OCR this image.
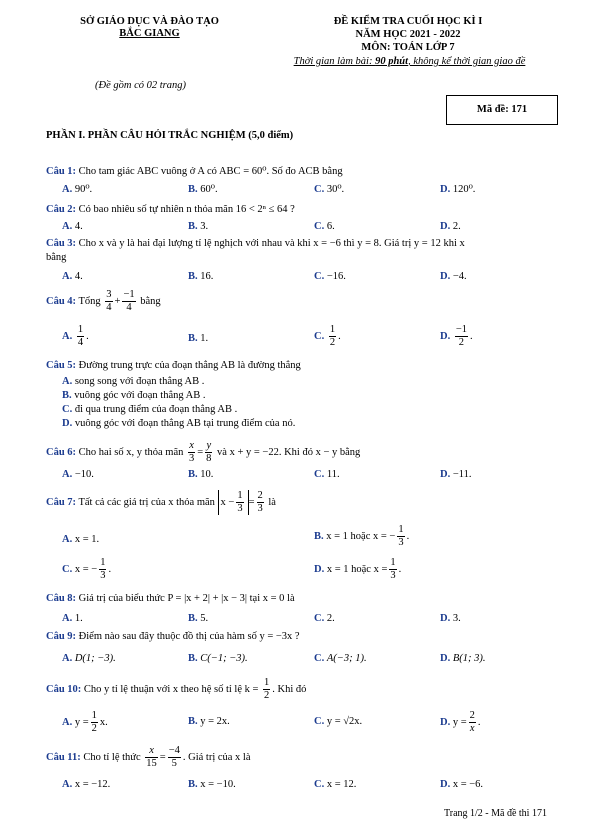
SỞ GIÁO DỤC VÀ ĐÀO TẠO
BẮC GIANG
(Đề gồm có 02 trang)
ĐỀ KIỂM TRA CUỐI HỌC KÌ I
NĂM HỌC 2021 - 2022
MÔN: TOÁN LỚP 7
Thời gian làm bài: 90 phút, không kể thời gian giao đề
Mã đề: 171
PHẦN I. PHẦN CÂU HỎI TRẮC NGHIỆM (5,0 điểm)
Câu 1: Cho tam giác ABC vuông ở A có ABC = 60⁰. Số đo ACB bằng
A. 90⁰.	B. 60⁰.	C. 30⁰.	D. 120⁰.
Câu 2: Có bao nhiêu số tự nhiên n thỏa mãn 16 < 2ⁿ ≤ 64 ?
A. 4.	B. 3.	C. 6.	D. 2.
Câu 3: Cho x và y là hai đại lượng tỉ lệ nghịch với nhau và khi x = −6 thì y = 8. Giá trị y = 12 khi x
bằng
A. 4.	B. 16.	C. −16.	D. −4.
Câu 4: Tổng $\frac{3}{4} + \frac{-1}{4}$ bằng
A. $\frac{1}{4}$ .	B. 1.	C. $\frac{1}{2}$ .	D. $\frac{-1}{2}$ .
Câu 5: Đường trung trực của đoạn thẳng AB là đường thẳng
A. song song với đoạn thẳng AB .
B. vuông góc với đoạn thẳng AB .
C. đi qua trung điểm của đoạn thẳng AB .
D. vuông góc với đoạn thẳng AB tại trung điểm của nó.
Câu 6: Cho hai số x, y thỏa mãn $\frac{x}{3} = \frac{y}{8}$ và x + y = −22. Khi đó x − y bằng
A. −10.	B. 10.	C. 11.	D. −11.
Câu 7: Tất cả các giá trị của x thỏa mãn $x - \frac{1}{3} = \frac{2}{3}$ là
A. x = 1.	B. x = 1 hoặc x = − $\frac{1}{3}$ .
C. x = − $\frac{1}{3}$ .	D. x = 1 hoặc $x = \frac{1}{3}$ .
Câu 8: Giá trị của biểu thức P = |x + 2| + |x − 3| tại x = 0 là
A. 1.	B. 5.	C. 2.	D. 3.
Câu 9: Điểm nào sau đây thuộc đồ thị của hàm số y = −3x ?
A. D(1; −3).	B. C(−1; −3).	C. A(−3; 1).	D. B(1; 3).
Câu 10: Cho y tỉ lệ thuận với x theo hệ số tỉ lệ $k = \frac{1}{2}$ . Khi đó
A. $y = \frac{1}{2} x$.	B. y = 2x.	C. y = √2x.	D. $y = \frac{2}{x}$ .
Câu 11: Cho tỉ lệ thức $\frac{x}{15} = \frac{-4}{5}$ . Giá trị của x là
A. x = −12.	B. x = −10.	C. x = 12.	D. x = −6.
Trang 1/2 - Mã đề thi 171
